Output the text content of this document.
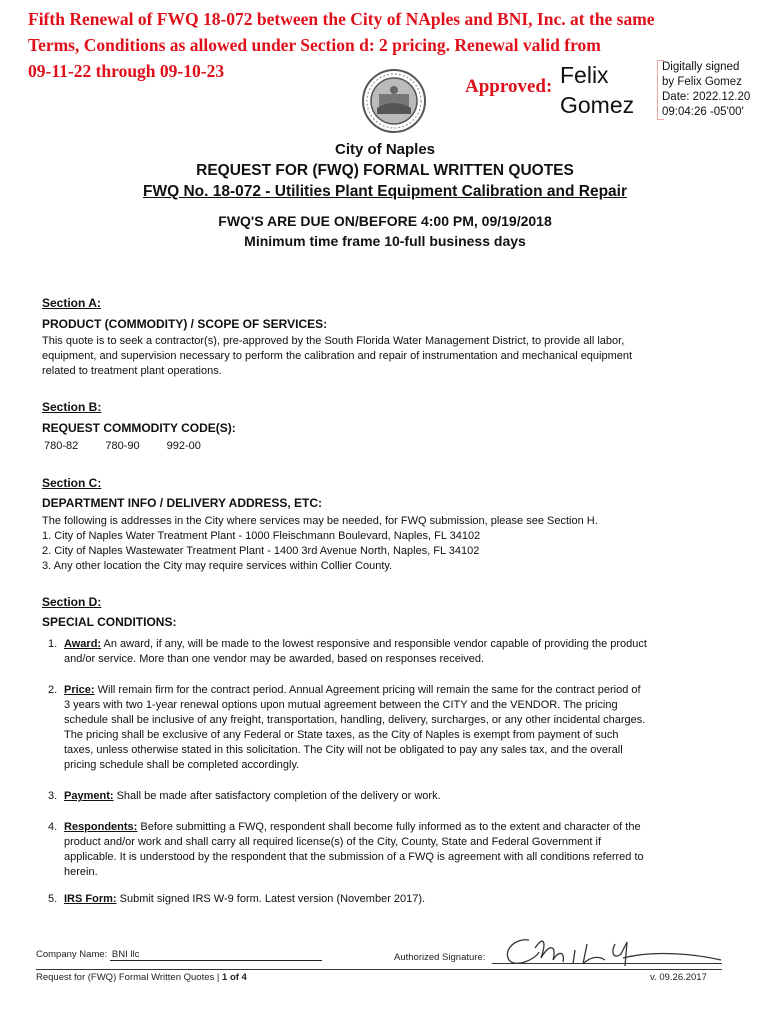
Fifth Renewal of FWQ 18-072 between the City of NAples and BNI, Inc. at the same
Terms, Conditions as allowed under Section d: 2 pricing. Renewal valid from
09-11-22 through 09-10-23
Approved: Felix
Gomez
Digitally signed
by Felix Gomez
Date: 2022.12.20
09:04:26 -05'00'
City of Naples
REQUEST FOR (FWQ) FORMAL WRITTEN QUOTES
FWQ No. 18-072 - Utilities Plant Equipment Calibration and Repair
FWQ'S ARE DUE ON/BEFORE 4:00 PM, 09/19/2018
Minimum time frame 10-full business days
Section A:
PRODUCT (COMMODITY) / SCOPE OF SERVICES:
This quote is to seek a contractor(s), pre-approved by the South Florida Water Management District, to provide all labor,
equipment, and supervision necessary to perform the calibration and repair of instrumentation and mechanical equipment
related to treatment plant operations.
Section B:
REQUEST COMMODITY CODE(S):
780-82 780-90 992-00
Section C:
DEPARTMENT INFO / DELIVERY ADDRESS, ETC:
The following is addresses in the City where services may be needed, for FWQ submission, please see Section H.
1. City of Naples Water Treatment Plant - 1000 Fleischmann Boulevard, Naples, FL 34102
2. City of Naples Wastewater Treatment Plant - 1400 3rd Avenue North, Naples, FL 34102
3. Any other location the City may require services within Collier County.
Section D:
SPECIAL CONDITIONS:
1. Award: An award, if any, will be made to the lowest responsive and responsible vendor capable of providing the product
and/or service. More than one vendor may be awarded, based on responses received.
2. Price: Will remain firm for the contract period. Annual Agreement pricing will remain the same for the contract period of
3 years with two 1-year renewal options upon mutual agreement between the CITY and the VENDOR. The pricing
schedule shall be inclusive of any freight, transportation, handling, delivery, surcharges, or any other incidental charges.
The pricing shall be exclusive of any Federal or State taxes, as the City of Naples is exempt from payment of such
taxes, unless otherwise stated in this solicitation. The City will not be obligated to pay any sales tax, and the overall
pricing schedule shall be completed accordingly.
3. Payment: Shall be made after satisfactory completion of the delivery or work.
4. Respondents: Before submitting a FWQ, respondent shall become fully informed as to the extent and character of the
product and/or work and shall carry all required license(s) of the City, County, State and Federal Government if
applicable. It is understood by the respondent that the submission of a FWQ is agreement with all conditions referred to
herein.
5. IRS Form: Submit signed IRS W-9 form. Latest version (November 2017).
Company Name: BNI llc	Authorized Signature:
Request for (FWQ) Formal Written Quotes | 1 of 4	v. 09.26.2017
